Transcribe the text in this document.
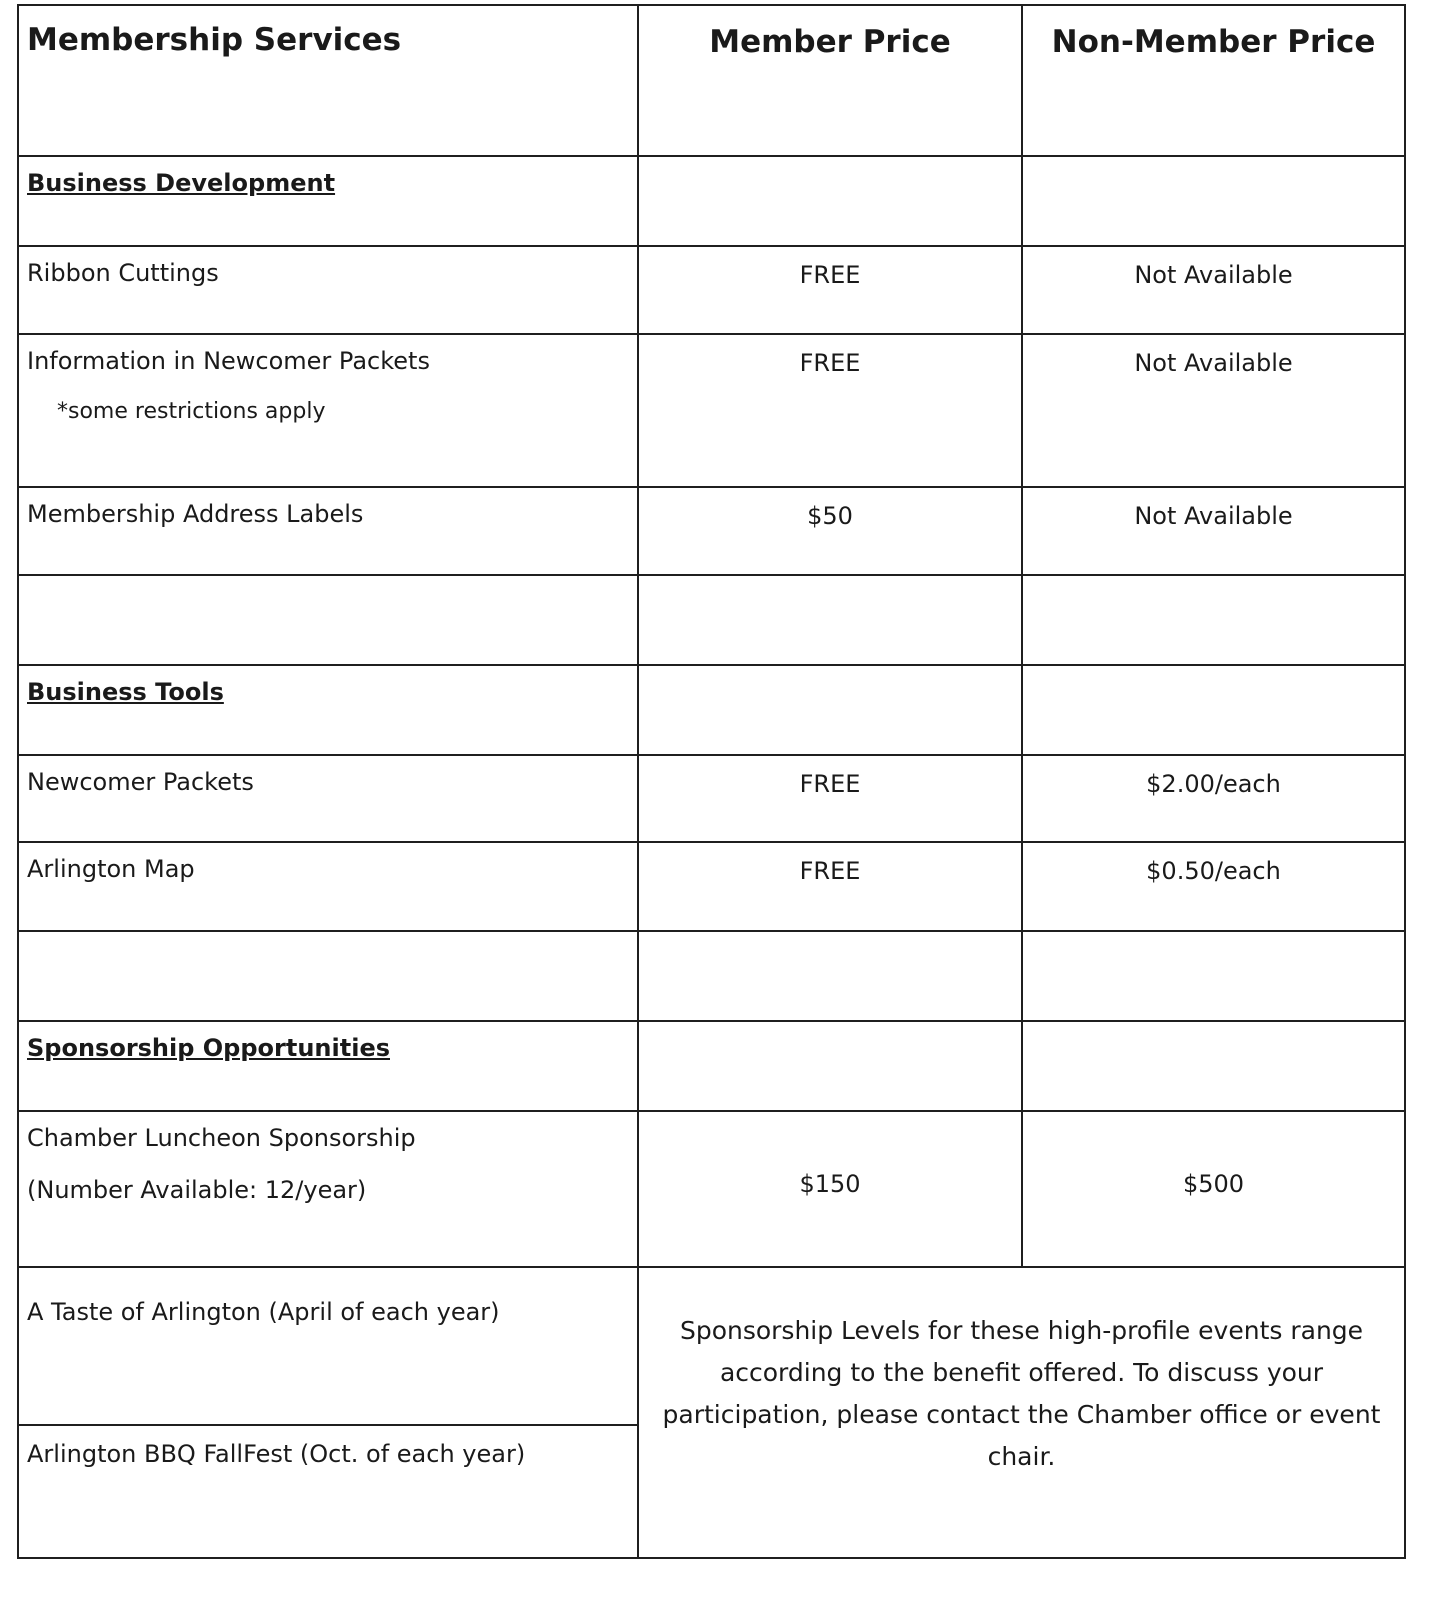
Membership Services	Member Price	Non-Member Price

Business Development		

Ribbon Cuttings	FREE	Not Available

Information in Newcomer Packets
*some restrictions apply	FREE	Not Available

Membership Address Labels	$50	Not Available

Business Tools		

Newcomer Packets	FREE	$2.00/each

Arlington Map	FREE	$0.50/each

Sponsorship Opportunities		

Chamber Luncheon Sponsorship
(Number Available: 12/year)	$150	$500

A Taste of Arlington (April of each year)	Sponsorship Levels for these high-profile events range according to the benefit offered. To discuss your participation, please contact the Chamber office or event chair.	

Arlington BBQ FallFest (Oct. of each year)		
